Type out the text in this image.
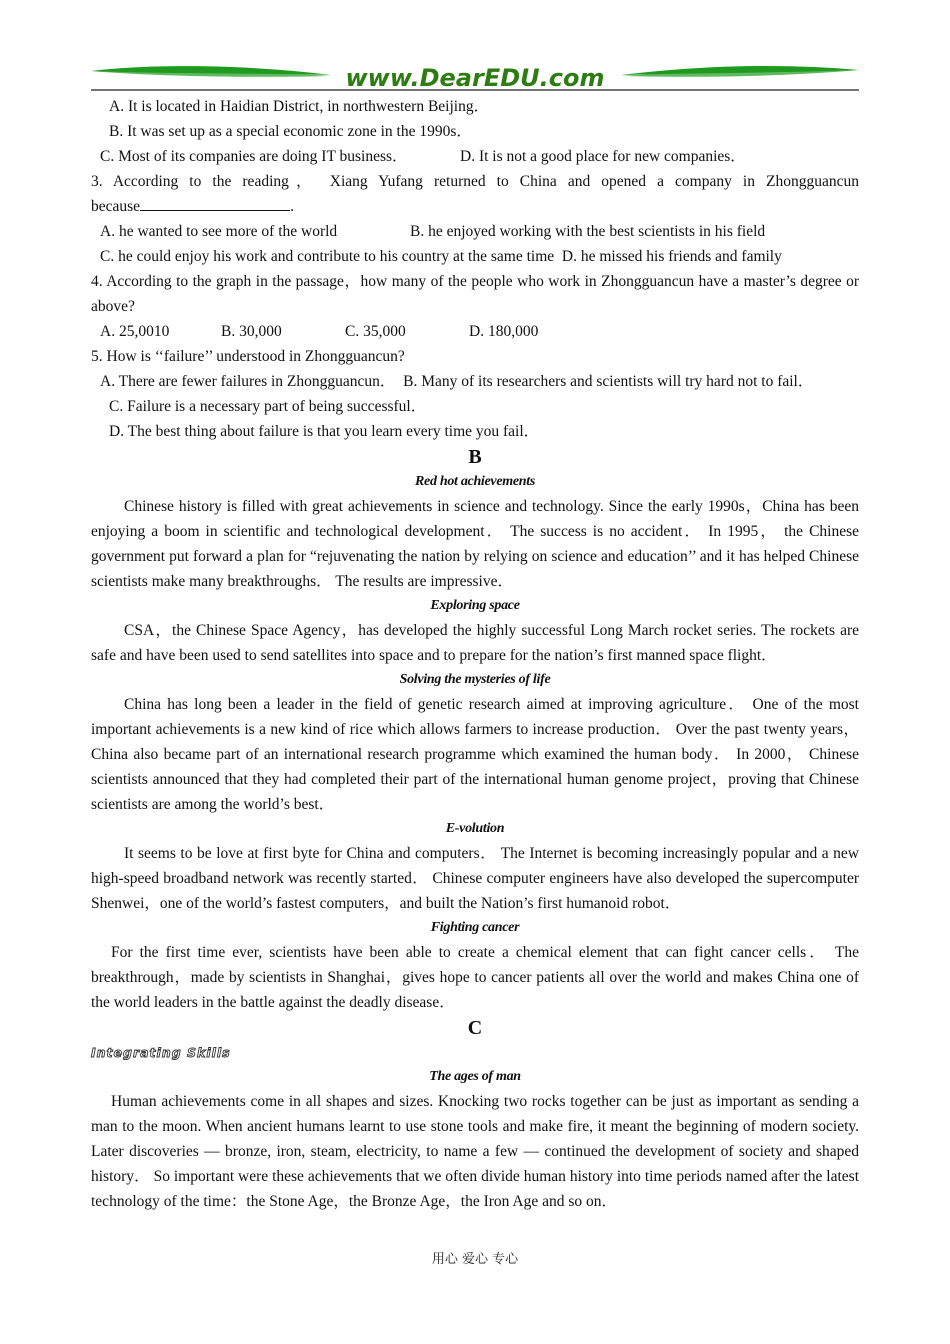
www.DearEDU.com
A. It is located in Haidian District, in northwestern Beijing．
B. It was set up as a special economic zone in the 1990s．
C. Most of its companies are doing IT business．	D. It is not a good place for new companies．
3. According to the reading， Xiang Yufang returned to China and opened a company in Zhongguancun
because	.
A. he wanted to see more of the world	B. he enjoyed working with the best scientists in his field
C. he could enjoy his work and contribute to his country at the same time D. he missed his friends and family
4. According to the graph in the passage，how many of the people who work in Zhongguancun have a master’s degree or above?
A. 25,0010	B. 30,000	C. 35,000	D. 180,000
5. How is ‘‘failure’’ understood in Zhongguancun?
A. There are fewer failures in Zhongguancun． B. Many of its researchers and scientists will try hard not to fail．
C. Failure is a necessary part of being successful．
D. The best thing about failure is that you learn every time you fail．
B
Red hot achievements
Chinese history is filled with great achievements in science and technology. Since the early 1990s，China has been enjoying a boom in scientific and technological development． The success is no accident． In 1995， the Chinese government put forward a plan for “rejuvenating the nation by relying on science and education’’ and it has helped Chinese scientists make many breakthroughs． The results are impressive．
Exploring space
CSA，the Chinese Space Agency，has developed the highly successful Long March rocket series. The rockets are safe and have been used to send satellites into space and to prepare for the nation’s first manned space flight．
Solving the mysteries of life
China has long been a leader in the field of genetic research aimed at improving agriculture． One of the most important achievements is a new kind of rice which allows farmers to increase production． Over the past twenty years， China also became part of an international research programme which examined the human body． In 2000， Chinese scientists announced that they had completed their part of the international human genome project，proving that Chinese scientists are among the world’s best．
E-volution
It seems to be love at first byte for China and computers． The Internet is becoming increasingly popular and a new high-speed broadband network was recently started． Chinese computer engineers have also developed the supercomputer Shenwei，one of the world’s fastest computers，and built the Nation’s first humanoid robot．
Fighting cancer
For the first time ever, scientists have been able to create a chemical element that can fight cancer cells． The breakthrough，made by scientists in Shanghai，gives hope to cancer patients all over the world and makes China one of the world leaders in the battle against the deadly disease．
C
Integrating Skills
The ages of man
Human achievements come in all shapes and sizes. Knocking two rocks together can be just as important as sending a man to the moon. When ancient humans learnt to use stone tools and make fire, it meant the beginning of modern society. Later discoveries — bronze, iron, steam, electricity, to name a few — continued the development of society and shaped history． So important were these achievements that we often divide human history into time periods named after the latest technology of the time：the Stone Age，the Bronze Age，the Iron Age and so on．
用心 爱心 专心
